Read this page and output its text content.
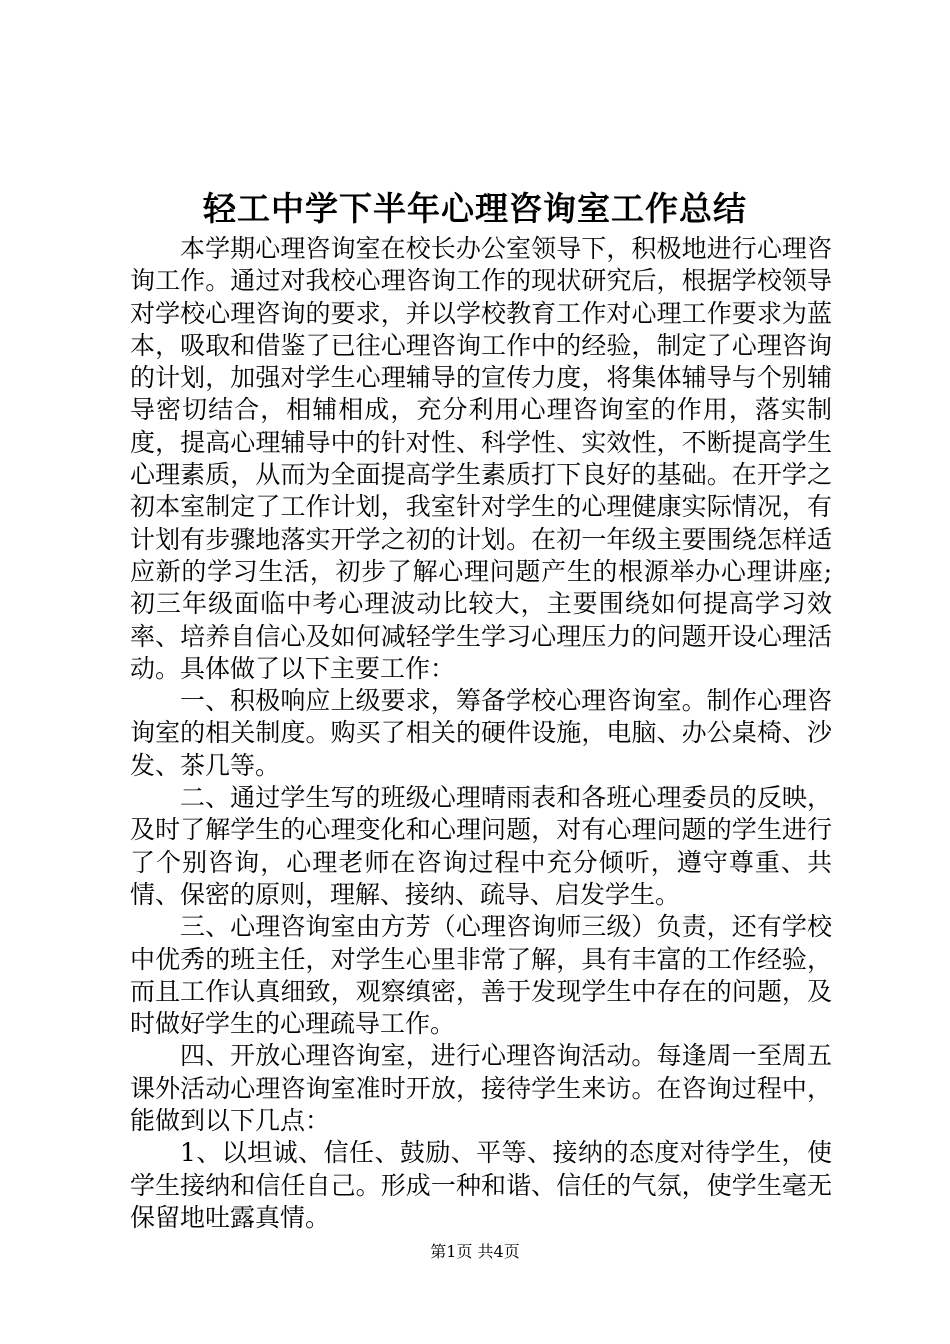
轻工中学下半年心理咨询室工作总结

本学期心理咨询室在校长办公室领导下，积极地进行心理咨询工作。通过对我校心理咨询工作的现状研究后，根据学校领导对学校心理咨询的要求，并以学校教育工作对心理工作要求为蓝本，吸取和借鉴了已往心理咨询工作中的经验，制定了心理咨询的计划，加强对学生心理辅导的宣传力度，将集体辅导与个别辅导密切结合，相辅相成，充分利用心理咨询室的作用，落实制度，提高心理辅导中的针对性、科学性、实效性，不断提高学生心理素质，从而为全面提高学生素质打下良好的基础。在开学之初本室制定了工作计划，我室针对学生的心理健康实际情况，有计划有步骤地落实开学之初的计划。在初一年级主要围绕怎样适应新的学习生活，初步了解心理问题产生的根源举办心理讲座;初三年级面临中考心理波动比较大，主要围绕如何提高学习效率、培养自信心及如何减轻学生学习心理压力的问题开设心理活动。具体做了以下主要工作：

一、积极响应上级要求，筹备学校心理咨询室。制作心理咨询室的相关制度。购买了相关的硬件设施，电脑、办公桌椅、沙发、茶几等。

二、通过学生写的班级心理晴雨表和各班心理委员的反映，及时了解学生的心理变化和心理问题，对有心理问题的学生进行了个别咨询，心理老师在咨询过程中充分倾听，遵守尊重、共情、保密的原则，理解、接纳、疏导、启发学生。

三、心理咨询室由方芳（心理咨询师三级）负责，还有学校中优秀的班主任，对学生心里非常了解，具有丰富的工作经验，而且工作认真细致，观察缜密，善于发现学生中存在的问题，及时做好学生的心理疏导工作。

四、开放心理咨询室，进行心理咨询活动。每逢周一至周五课外活动心理咨询室准时开放，接待学生来访。在咨询过程中，能做到以下几点：

1、以坦诚、信任、鼓励、平等、接纳的态度对待学生，使学生接纳和信任自己。形成一种和谐、信任的气氛，使学生毫无保留地吐露真情。

第1页 共4页
